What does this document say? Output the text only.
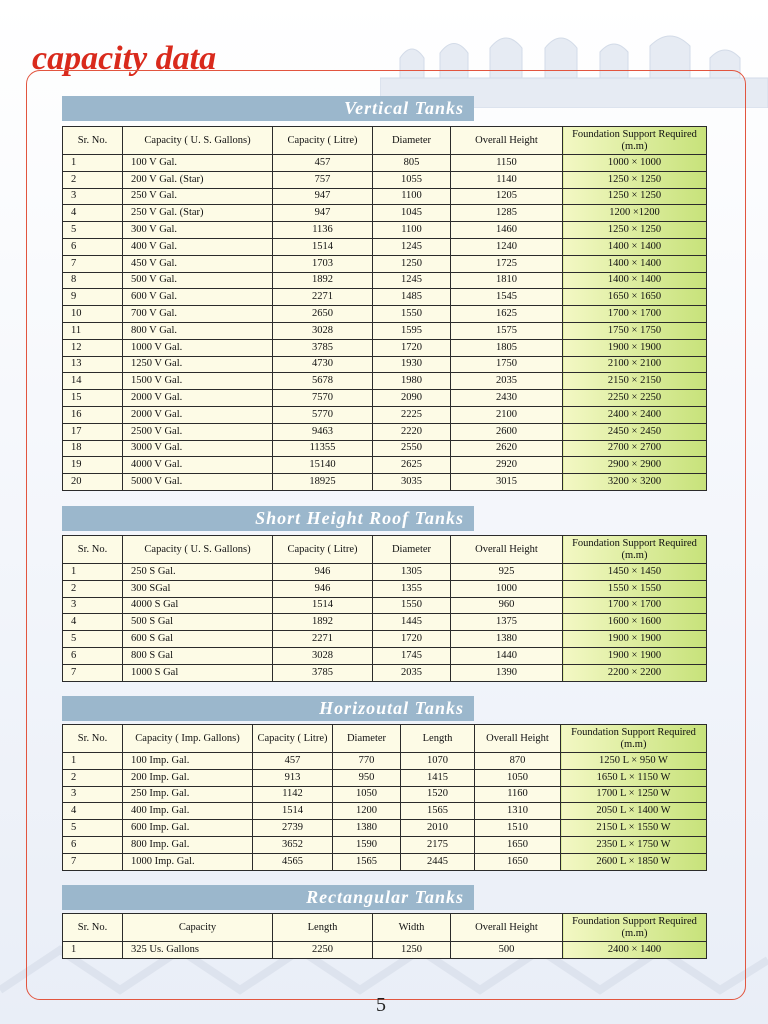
capacity data
Vertical Tanks
Sr. No.	Capacity ( U. S. Gallons)	Capacity ( Litre)	Diameter	Overall Height	Foundation Support Required (m.m)
1	100 V Gal.	457	805	1150	1000 × 1000
2	200 V Gal. (Star)	757	1055	1140	1250 × 1250
3	250 V Gal.	947	1100	1205	1250 × 1250
4	250 V Gal. (Star)	947	1045	1285	1200 ×1200
5	300 V Gal.	1136	1100	1460	1250 × 1250
6	400 V Gal.	1514	1245	1240	1400 × 1400
7	450 V Gal.	1703	1250	1725	1400 × 1400
8	500 V Gal.	1892	1245	1810	1400 × 1400
9	600 V Gal.	2271	1485	1545	1650 × 1650
10	700 V Gal.	2650	1550	1625	1700 × 1700
11	800 V Gal.	3028	1595	1575	1750 × 1750
12	1000 V Gal.	3785	1720	1805	1900 × 1900
13	1250 V Gal.	4730	1930	1750	2100 × 2100
14	1500 V Gal.	5678	1980	2035	2150 × 2150
15	2000 V Gal.	7570	2090	2430	2250 × 2250
16	2000 V Gal.	5770	2225	2100	2400 × 2400
17	2500 V Gal.	9463	2220	2600	2450 × 2450
18	3000 V Gal.	11355	2550	2620	2700 × 2700
19	4000 V Gal.	15140	2625	2920	2900 × 2900
20	5000 V Gal.	18925	3035	3015	3200 × 3200
Short Height Roof Tanks
Sr. No.	Capacity ( U. S. Gallons)	Capacity ( Litre)	Diameter	Overall Height	Foundation Support Required (m.m)
1	250 S Gal.	946	1305	925	1450 × 1450
2	300 SGal	946	1355	1000	1550 × 1550
3	4000 S Gal	1514	1550	960	1700 × 1700
4	500 S Gal	1892	1445	1375	1600 × 1600
5	600 S Gal	2271	1720	1380	1900 × 1900
6	800 S Gal	3028	1745	1440	1900 × 1900
7	1000 S Gal	3785	2035	1390	2200 × 2200
Horizoutal Tanks
Sr. No.	Capacity ( Imp. Gallons)	Capacity ( Litre)	Diameter	Length	Overall Height	Foundation Support Required (m.m)
1	100 Imp. Gal.	457	770	1070	870	1250 L × 950 W
2	200 Imp. Gal.	913	950	1415	1050	1650 L × 1150 W
3	250 Imp. Gal.	1142	1050	1520	1160	1700 L × 1250 W
4	400 Imp. Gal.	1514	1200	1565	1310	2050 L × 1400 W
5	600 Imp. Gal.	2739	1380	2010	1510	2150 L × 1550 W
6	800 Imp. Gal.	3652	1590	2175	1650	2350 L × 1750 W
7	1000 Imp. Gal.	4565	1565	2445	1650	2600 L × 1850 W
Rectangular Tanks
Sr. No.	Capacity	Length	Width	Overall Height	Foundation Support Required (m.m)
1	325 Us. Gallons	2250	1250	500	2400 × 1400
5
